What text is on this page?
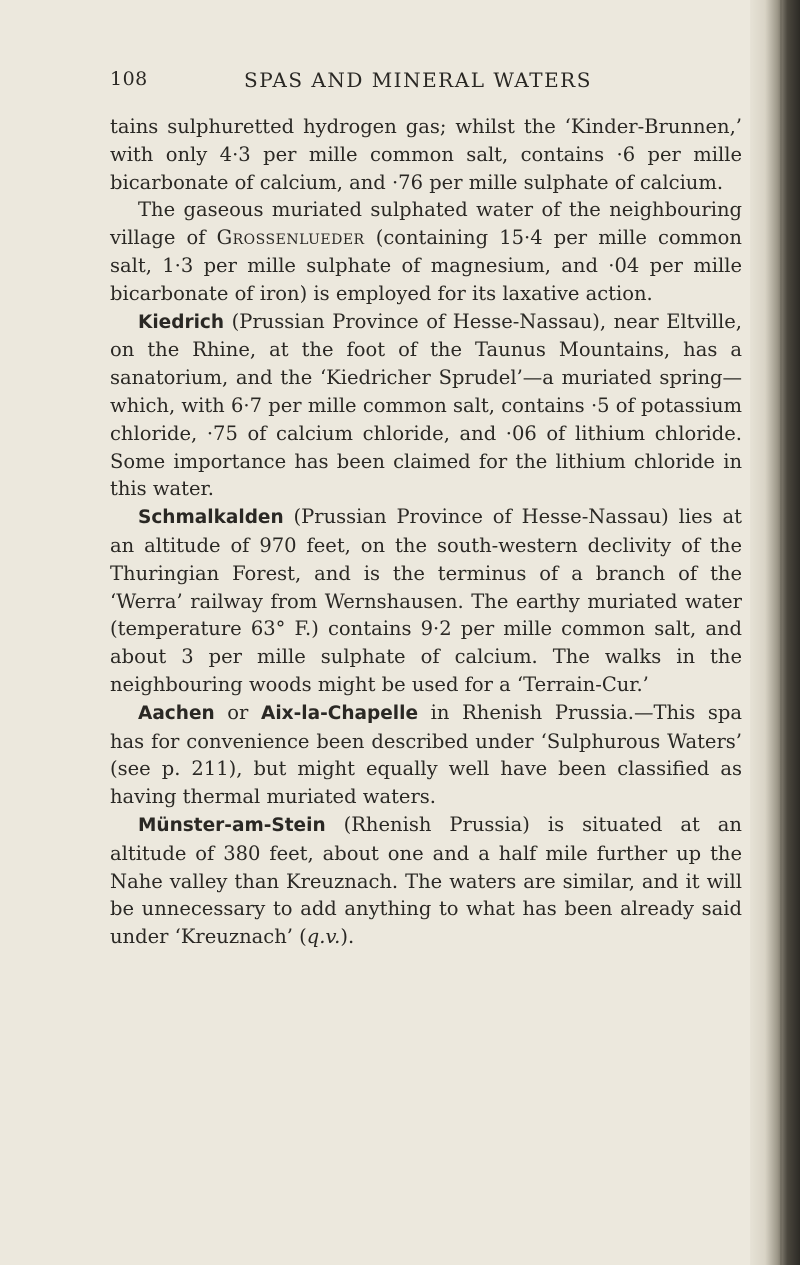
108	SPAS AND MINERAL WATERS

tains sulphuretted hydrogen gas; whilst the ‘Kinder-Brunnen,’ with only 4·3 per mille common salt, contains ·6 per mille bicarbonate of calcium, and ·76 per mille sulphate of calcium.

The gaseous muriated sulphated water of the neighbouring village of Grossenlueder (containing 15·4 per mille common salt, 1·3 per mille sulphate of magnesium, and ·04 per mille bicarbonate of iron) is employed for its laxative action.

Kiedrich (Prussian Province of Hesse-Nassau), near Eltville, on the Rhine, at the foot of the Taunus Mountains, has a sanatorium, and the ‘Kiedricher Sprudel’—a muriated spring—which, with 6·7 per mille common salt, contains ·5 of potassium chloride, ·75 of calcium chloride, and ·06 of lithium chloride. Some importance has been claimed for the lithium chloride in this water.

Schmalkalden (Prussian Province of Hesse-Nassau) lies at an altitude of 970 feet, on the south-western declivity of the Thuringian Forest, and is the terminus of a branch of the ‘Werra’ railway from Wernshausen. The earthy muriated water (temperature 63° F.) contains 9·2 per mille common salt, and about 3 per mille sulphate of calcium. The walks in the neighbouring woods might be used for a ‘Terrain-Cur.’

Aachen or Aix-la-Chapelle in Rhenish Prussia.—This spa has for convenience been described under ‘Sulphurous Waters’ (see p. 211), but might equally well have been classified as having thermal muriated waters.

Münster-am-Stein (Rhenish Prussia) is situated at an altitude of 380 feet, about one and a half mile further up the Nahe valley than Kreuznach. The waters are similar, and it will be unnecessary to add anything to what has been already said under ‘Kreuznach’ (q.v.).
